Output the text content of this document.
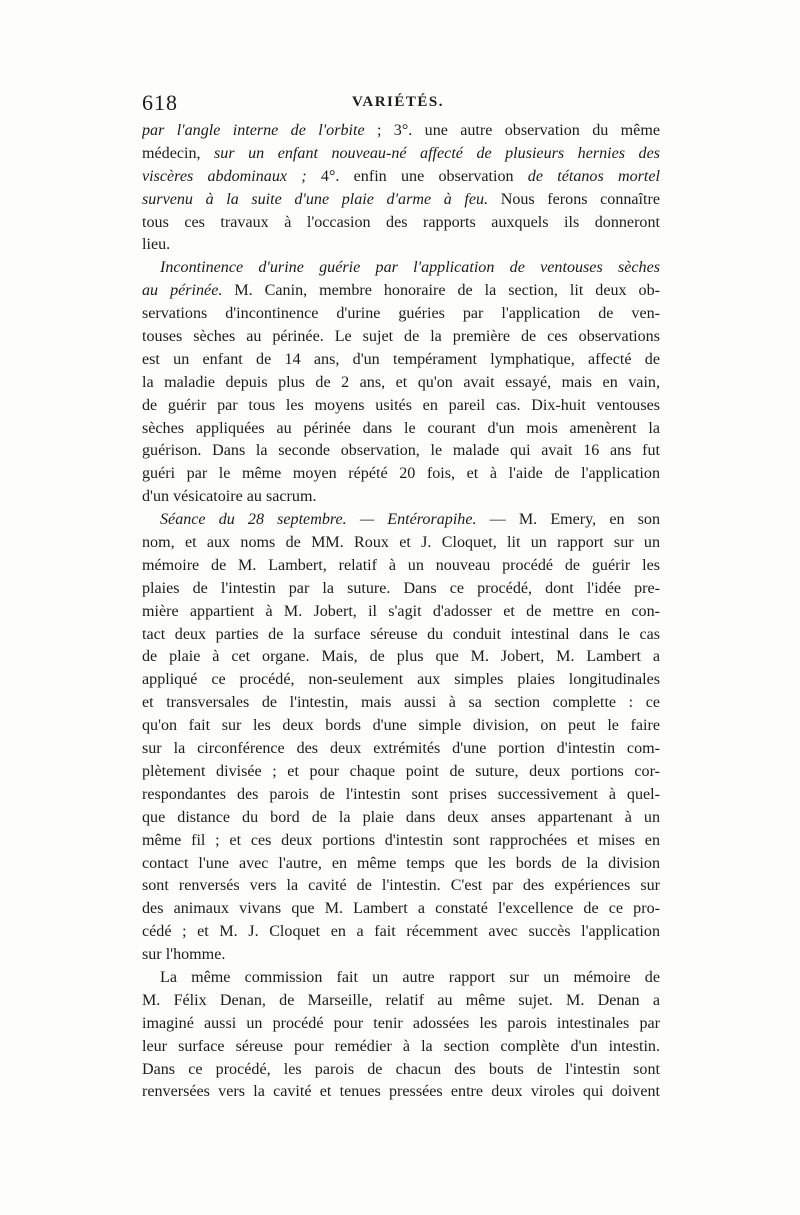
618	VARIÉTÉS.
par l'angle interne de l'orbite ; 3°. une autre observation du même
médecin, sur un enfant nouveau-né affecté de plusieurs hernies des
viscères abdominaux ; 4°. enfin une observation de tétanos mortel
survenu à la suite d'une plaie d'arme à feu. Nous ferons connaître
tous ces travaux à l'occasion des rapports auxquels ils donneront
lieu.
Incontinence d'urine guérie par l'application de ventouses sèches
au périnée. M. Canin, membre honoraire de la section, lit deux ob-
servations d'incontinence d'urine guéries par l'application de ven-
touses sèches au périnée. Le sujet de la première de ces observations
est un enfant de 14 ans, d'un tempérament lymphatique, affecté de
la maladie depuis plus de 2 ans, et qu'on avait essayé, mais en vain,
de guérir par tous les moyens usités en pareil cas. Dix-huit ventouses
sèches appliquées au périnée dans le courant d'un mois amenèrent la
guérison. Dans la seconde observation, le malade qui avait 16 ans fut
guéri par le même moyen répété 20 fois, et à l'aide de l'application
d'un vésicatoire au sacrum.
Séance du 28 septembre. — Entérorapihe. — M. Emery, en son
nom, et aux noms de MM. Roux et J. Cloquet, lit un rapport sur un
mémoire de M. Lambert, relatif à un nouveau procédé de guérir les
plaies de l'intestin par la suture. Dans ce procédé, dont l'idée pre-
mière appartient à M. Jobert, il s'agit d'adosser et de mettre en con-
tact deux parties de la surface séreuse du conduit intestinal dans le cas
de plaie à cet organe. Mais, de plus que M. Jobert, M. Lambert a
appliqué ce procédé, non-seulement aux simples plaies longitudinales
et transversales de l'intestin, mais aussi à sa section complette : ce
qu'on fait sur les deux bords d'une simple division, on peut le faire
sur la circonférence des deux extrémités d'une portion d'intestin com-
plètement divisée ; et pour chaque point de suture, deux portions cor-
respondantes des parois de l'intestin sont prises successivement à quel-
que distance du bord de la plaie dans deux anses appartenant à un
même fil ; et ces deux portions d'intestin sont rapprochées et mises en
contact l'une avec l'autre, en même temps que les bords de la division
sont renversés vers la cavité de l'intestin. C'est par des expériences sur
des animaux vivans que M. Lambert a constaté l'excellence de ce pro-
cédé ; et M. J. Cloquet en a fait récemment avec succès l'application
sur l'homme.
La même commission fait un autre rapport sur un mémoire de
M. Félix Denan, de Marseille, relatif au même sujet. M. Denan a
imaginé aussi un procédé pour tenir adossées les parois intestinales par
leur surface séreuse pour remédier à la section complète d'un intestin.
Dans ce procédé, les parois de chacun des bouts de l'intestin sont
renversées vers la cavité et tenues pressées entre deux viroles qui doivent
